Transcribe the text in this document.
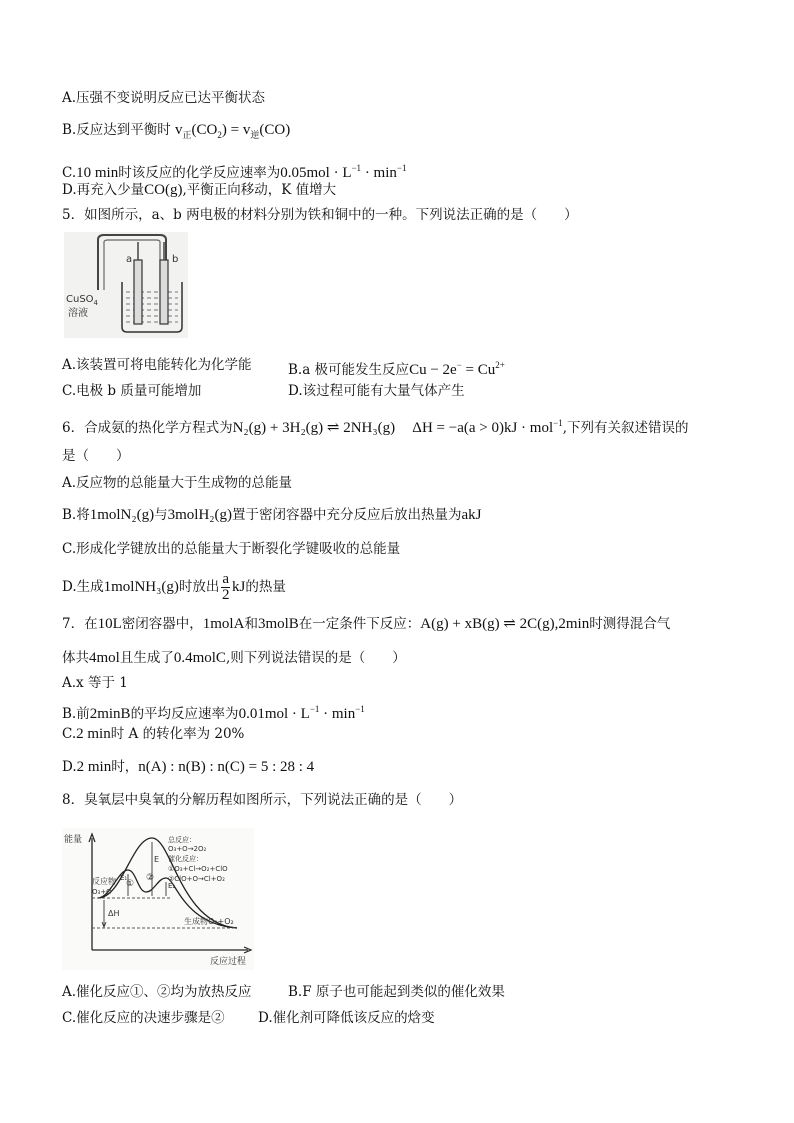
A.压强不变说明反应已达平衡状态
B.反应达到平衡时 $v_正(CO_2) = v_逆(CO)$
C.10 min时该反应的化学反应速率为$0.05mol \cdot L^{-1} \cdot \min^{-1}$
D.再充入少量CO(g),平衡正向移动，K 值增大
5．如图所示，a、b 两电极的材料分别为铁和铜中的一种。下列说法正确的是（　　）
a	b
CuSO$_4$
溶液
A.该装置可将电能转化为化学能	B.a 极可能发生反应$Cu - 2e^- = Cu^{2+}$
C.电极 b 质量可能增加	D.该过程可能有大量气体产生
6．合成氨的热化学方程式为N₂(g) + 3H₂(g) ⇌ 2NH₃(g) ΔH = −a(a > 0)kJ · mol$^{-1}$,下列有关叙述错误的
是（　　）
A.反应物的总能量大于生成物的总能量
B.将1molN₂(g)与3molH₂(g)置于密闭容器中充分反应后放出热量为akJ
C.形成化学键放出的总能量大于断裂化学键吸收的总能量
D.生成1molNH₃(g)时放出 $\frac{a}{2}$ kJ的热量
7．在10L密闭容器中，1molA和3molB在一定条件下反应：A(g) + xB(g) ⇌ 2C(g),2min时测得混合气
体共4mol且生成了0.4molC,则下列说法错误的是（　　）
A.x 等于 1
B.前2minB的平均反应速率为$0.01mol \cdot L^{-1} \cdot \min^{-1}$
C.2 min时 A 的转化率为 20%
D.2 min时，n(A) : n(B) : n(C) = 5 : 28 : 4
8．臭氧层中臭氧的分解历程如图所示，下列说法正确的是（　　）
能量
反应过程
E
E₁
E₂
ΔH
①
②
反应物
O₃+O
生成物O₂+O₂
总反应：
O₃+O→2O₂
催化反应：
①O₃+Cl→O₂+ClO
②ClO+O→Cl+O₂
A.催化反应①、②均为放热反应	B.F 原子也可能起到类似的催化效果
C.催化反应的决速步骤是② D.催化剂可降低该反应的焓变
